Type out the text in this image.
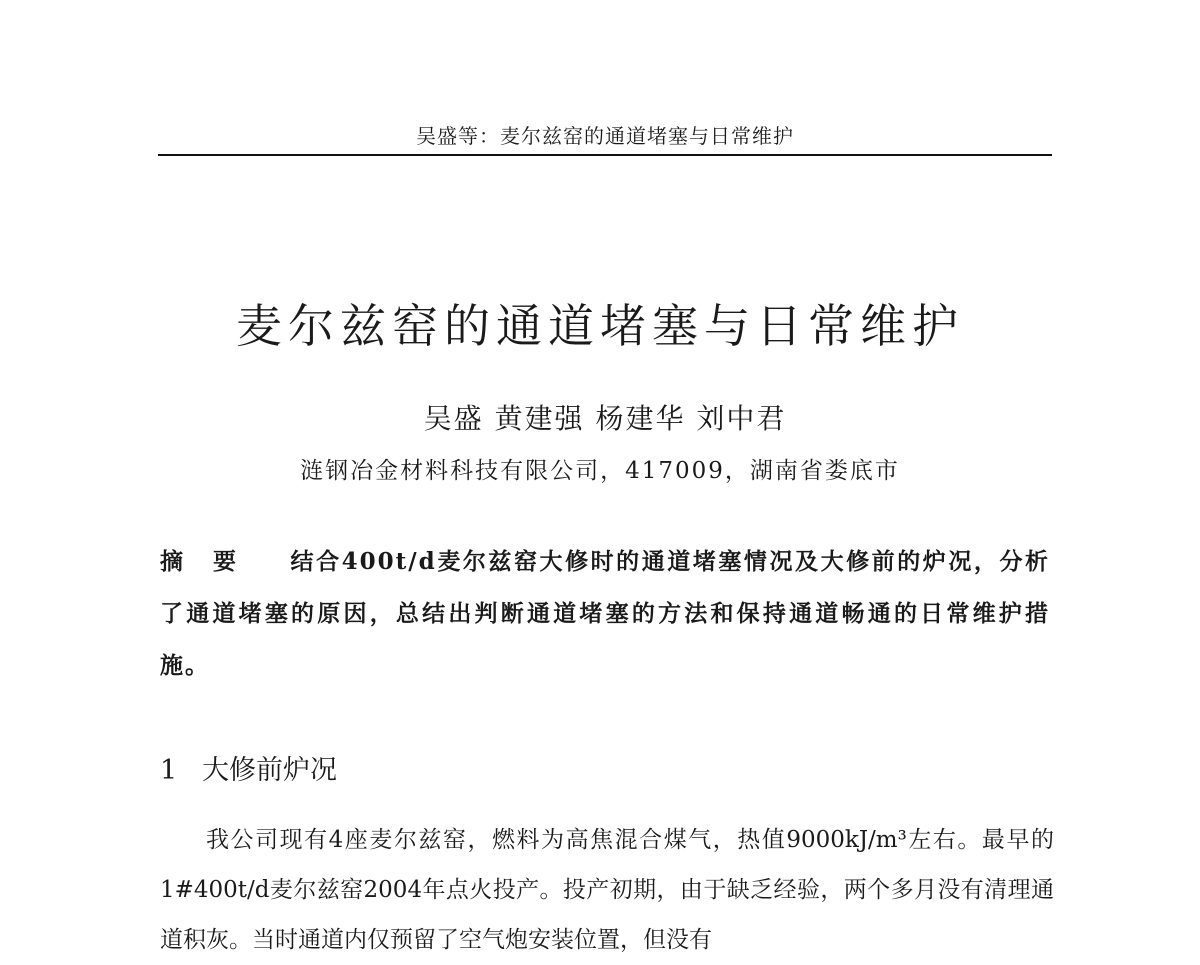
吴盛等：麦尔兹窑的通道堵塞与日常维护
麦尔兹窑的通道堵塞与日常维护
吴盛 黄建强 杨建华 刘中君
涟钢冶金材料科技有限公司，417009，湖南省娄底市

摘要 结合400t/d麦尔兹窑大修时的通道堵塞情况及大修前的炉况，分析了通道堵塞的原因，总结出判断通道堵塞的方法和保持通道畅通的日常维护措施。

1 大修前炉况

我公司现有4座麦尔兹窑，燃料为高焦混合煤气，热值9000kJ/m³左右。最早的1#400t/d麦尔兹窑2004年点火投产。投产初期，由于缺乏经验，两个多月没有清理通道积灰。当时通道内仅预留了空气炮安装位置，但没有
